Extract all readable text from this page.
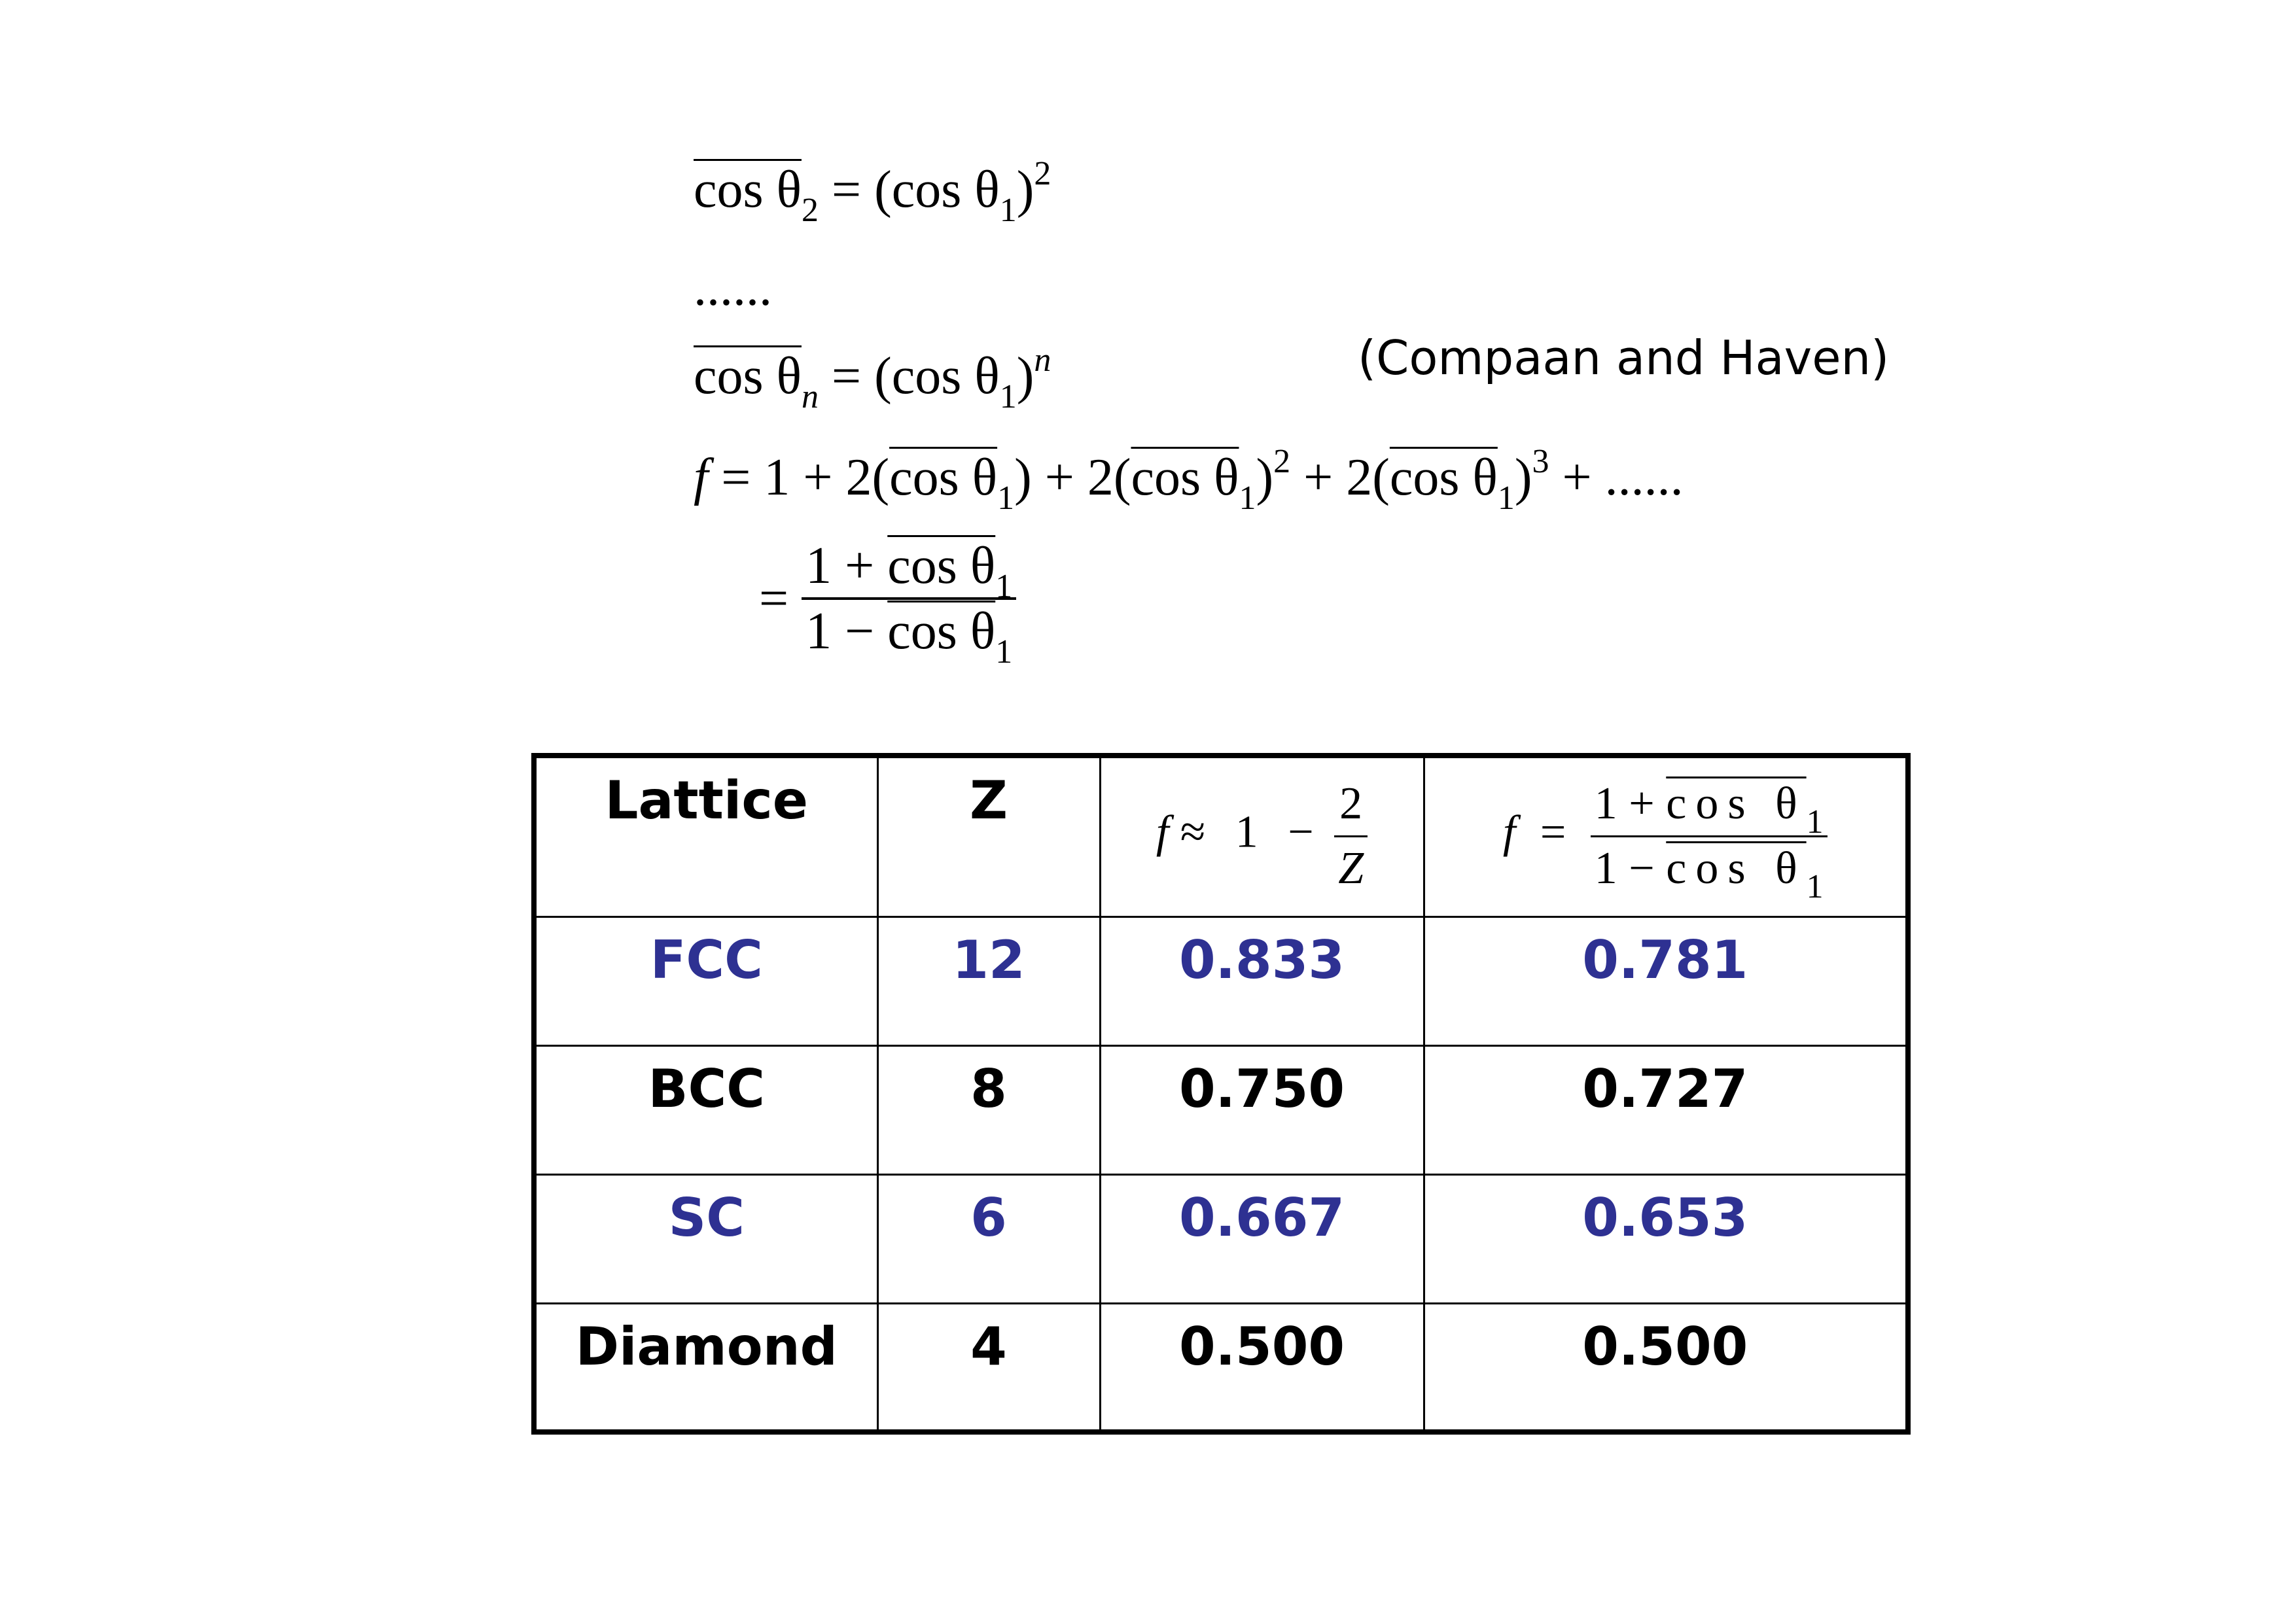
$\cos \theta_2 = (\cos$ $\theta_1)^2$
......
$\cos \theta_n = (\cos$ $\theta_1)^n$	(Compaan and Haven)
f = 1 + 2(cos $\theta_1) + 2(\cos$ $\theta_1)^2 + 2(\cos$ $\theta_1)^3$ + ......
= $\frac{1 + \cos \theta_1}{1 - \cos \theta_1}$
Lattice	Z	$f \approx 1 - \frac{2}{Z}$	$f = \frac{1 + \cos \theta_1}{1 - \cos \theta_1}$

FCC	12	0.833	0.781
BCC	8	0.750	0.727
SC	6	0.667	0.653
Diamond	4	0.500	0.500
